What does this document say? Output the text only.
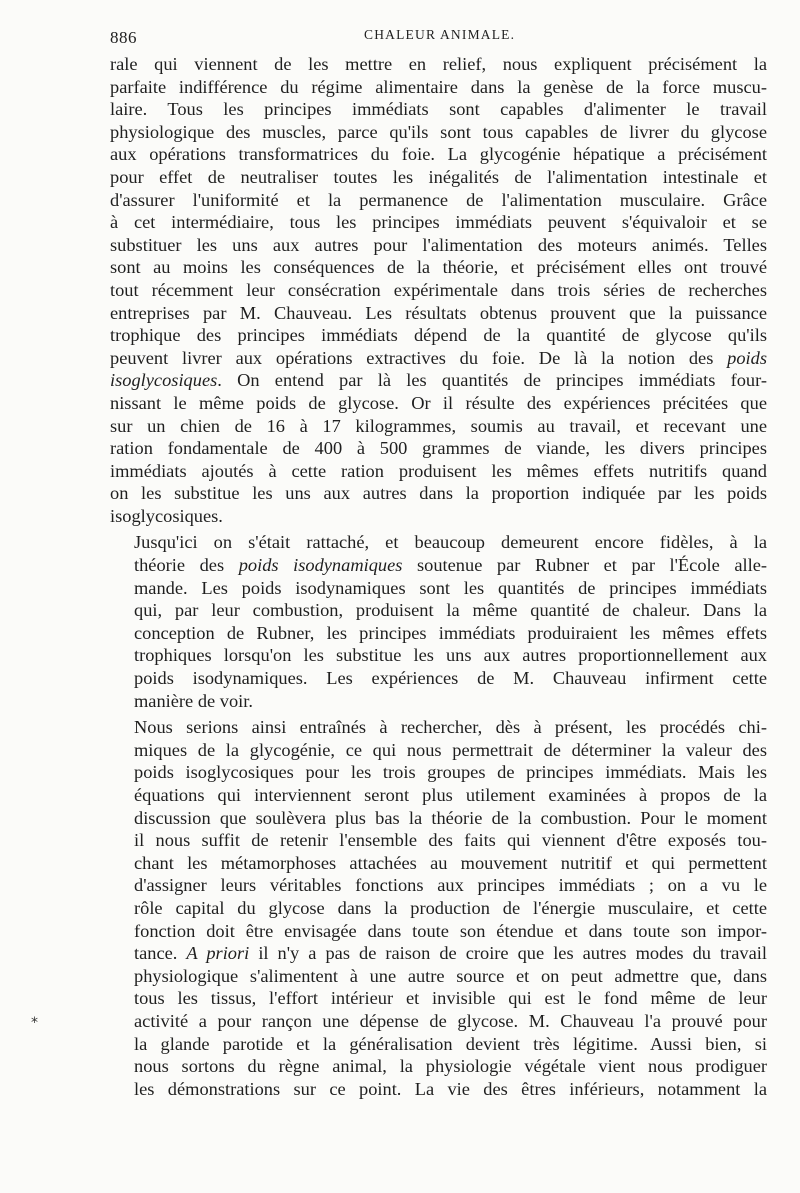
886	CHALEUR ANIMALE.

rale qui viennent de les mettre en relief, nous expliquent précisément la
parfaite indifférence du régime alimentaire dans la genèse de la force muscu-
laire. Tous les principes immédiats sont capables d'alimenter le travail
physiologique des muscles, parce qu'ils sont tous capables de livrer du glycose
aux opérations transformatrices du foie. La glycogénie hépatique a précisément
pour effet de neutraliser toutes les inégalités de l'alimentation intestinale et
d'assurer l'uniformité et la permanence de l'alimentation musculaire. Grâce
à cet intermédiaire, tous les principes immédiats peuvent s'équivaloir et se
substituer les uns aux autres pour l'alimentation des moteurs animés. Telles
sont au moins les conséquences de la théorie, et précisément elles ont trouvé
tout récemment leur consécration expérimentale dans trois séries de recherches
entreprises par M. Chauveau. Les résultats obtenus prouvent que la puissance
trophique des principes immédiats dépend de la quantité de glycose qu'ils
peuvent livrer aux opérations extractives du foie. De là la notion des poids
isoglycosiques. On entend par là les quantités de principes immédiats four-
nissant le même poids de glycose. Or il résulte des expériences précitées que
sur un chien de 16 à 17 kilogrammes, soumis au travail, et recevant une
ration fondamentale de 400 à 500 grammes de viande, les divers principes
immédiats ajoutés à cette ration produisent les mêmes effets nutritifs quand
on les substitue les uns aux autres dans la proportion indiquée par les poids
isoglycosiques.

Jusqu'ici on s'était rattaché, et beaucoup demeurent encore fidèles, à la
théorie des poids isodynamiques soutenue par Rubner et par l'École alle-
mande. Les poids isodynamiques sont les quantités de principes immédiats
qui, par leur combustion, produisent la même quantité de chaleur. Dans la
conception de Rubner, les principes immédiats produiraient les mêmes effets
trophiques lorsqu'on les substitue les uns aux autres proportionnellement aux
poids isodynamiques. Les expériences de M. Chauveau infirment cette
manière de voir.

Nous serions ainsi entraînés à rechercher, dès à présent, les procédés chi-
miques de la glycogénie, ce qui nous permettrait de déterminer la valeur des
poids isoglycosiques pour les trois groupes de principes immédiats. Mais les
équations qui interviennent seront plus utilement examinées à propos de la
discussion que soulèvera plus bas la théorie de la combustion. Pour le moment
il nous suffit de retenir l'ensemble des faits qui viennent d'être exposés tou-
chant les métamorphoses attachées au mouvement nutritif et qui permettent
d'assigner leurs véritables fonctions aux principes immédiats ; on a vu le
rôle capital du glycose dans la production de l'énergie musculaire, et cette
fonction doit être envisagée dans toute son étendue et dans toute son impor-
tance. A priori il n'y a pas de raison de croire que les autres modes du travail
physiologique s'alimentent à une autre source et on peut admettre que, dans
tous les tissus, l'effort intérieur et invisible qui est le fond même de leur
activité a pour rançon une dépense de glycose. M. Chauveau l'a prouvé pour
la glande parotide et la généralisation devient très légitime. Aussi bien, si
nous sortons du règne animal, la physiologie végétale vient nous prodiguer
les démonstrations sur ce point. La vie des êtres inférieurs, notamment la

*
